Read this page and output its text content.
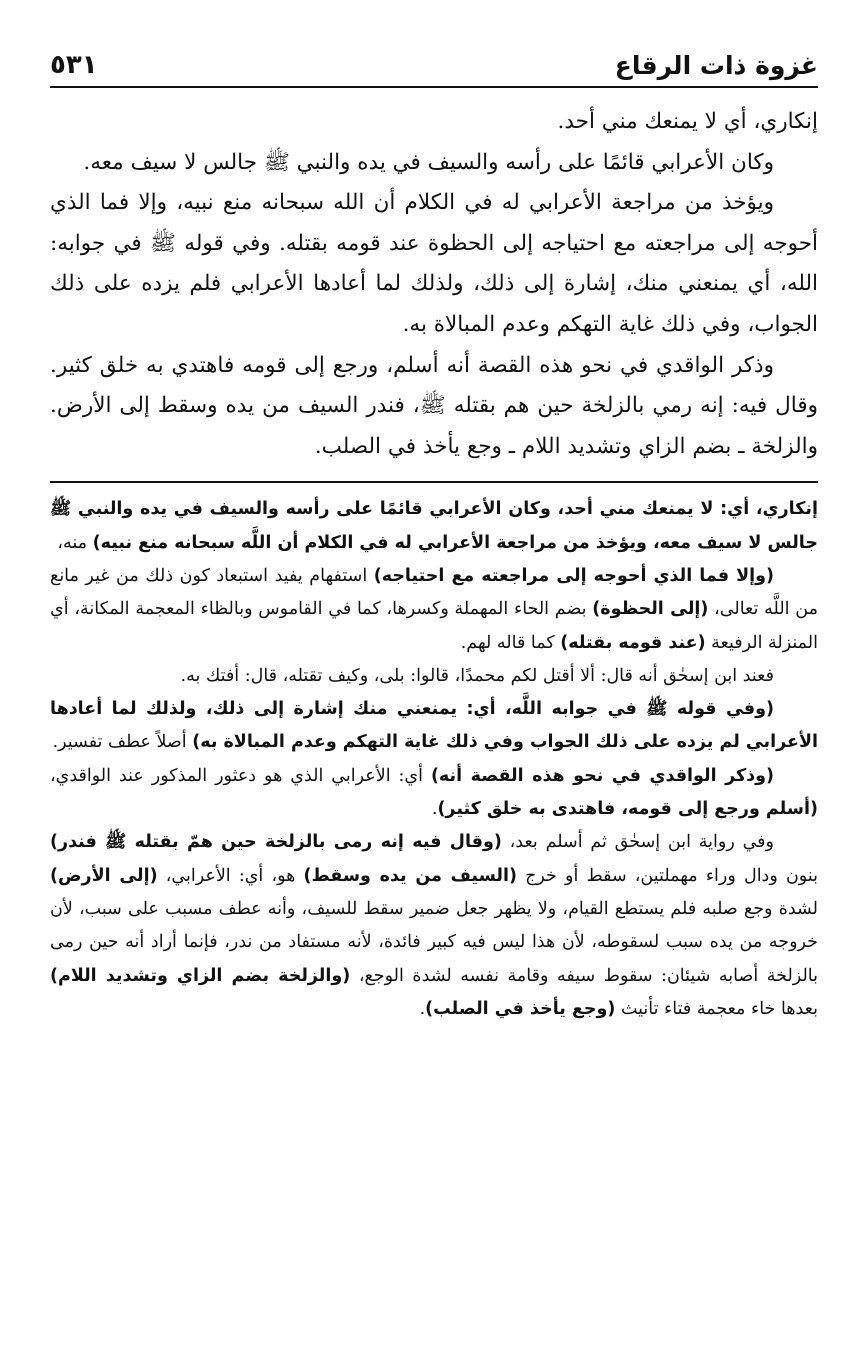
٥٣١	غزوة ذات الرقاع

إنكاري، أي لا يمنعك مني أحد.

وكان الأعرابي قائمًا على رأسه والسيف في يده والنبي ﷺ جالس لا سيف معه.

ويؤخذ من مراجعة الأعرابي له في الكلام أن الله سبحانه منع نبيه، وإلا فما الذي أحوجه إلى مراجعته مع احتياجه إلى الحظوة عند قومه بقتله. وفي قوله ﷺ في جوابه: الله، أي يمنعني منك، إشارة إلى ذلك، ولذلك لما أعادها الأعرابي فلم يزده على ذلك الجواب، وفي ذلك غاية التهكم وعدم المبالاة به.

وذكر الواقدي في نحو هذه القصة أنه أسلم، ورجع إلى قومه فاهتدي به خلق كثير. وقال فيه: إنه رمي بالزلخة حين هم بقتله ﷺ، فندر السيف من يده وسقط إلى الأرض. والزلخة ـ بضم الزاي وتشديد اللام ـ وجع يأخذ في الصلب.

إنكاري، أي: لا يمنعك مني أحد، وكان الأعرابي قائمًا على رأسه والسيف في يده والنبي ﷺ جالس لا سيف معه، ويؤخذ من مراجعة الأعرابي له في الكلام أن اللَّه سبحانه منع نبيه) منه،

(وإلا فما الذي أحوجه إلى مراجعته مع احتياجه) استفهام يفيد استبعاد كون ذلك من غير مانع من اللَّه تعالى، (إلى الحظوة) بضم الحاء المهملة وكسرها، كما في القاموس وبالظاء المعجمة المكانة، أي المنزلة الرفيعة (عند قومه بقتله) كما قاله لهم.

فعند ابن إسحٰق أنه قال: ألا أقتل لكم محمدًا، قالوا: بلى، وكيف تقتله، قال: أفتك به.

(وفي قوله ﷺ في جوابه اللَّه، أي: يمنعني منك إشارة إلى ذلك، ولذلك لما أعادها الأعرابي لم يزده على ذلك الجواب وفي ذلك غاية التهكم وعدم المبالاة به) أصلاً عطف تفسير.

(وذكر الواقدي في نحو هذه القصة أنه) أي: الأعرابي الذي هو دعثور المذكور عند الواقدي، (أسلم ورجع إلى قومه، فاهتدى به خلق كثير).

وفي رواية ابن إسحٰق ثم أسلم بعد، (وقال فيه إنه رمى بالزلخة حين همّ بقتله ﷺ فندر) بنون ودال وراء مهملتين، سقط أو خرج (السيف من يده وسقط) هو، أي: الأعرابي، (إلى الأرض) لشدة وجع صلبه فلم يستطع القيام، ولا يظهر جعل ضمير سقط للسيف، وأنه عطف مسبب على سبب، لأن خروجه من يده سبب لسقوطه، لأن هذا ليس فيه كبير فائدة، لأنه مستفاد من ندر، فإنما أراد أنه حين رمى بالزلخة أصابه شيئان: سقوط سيفه وقامة نفسه لشدة الوجع، (والزلخة بضم الزاي وتشديد اللام) بعدها خاء معجمة فتاء تأنيث (وجع يأخذ في الصلب).
